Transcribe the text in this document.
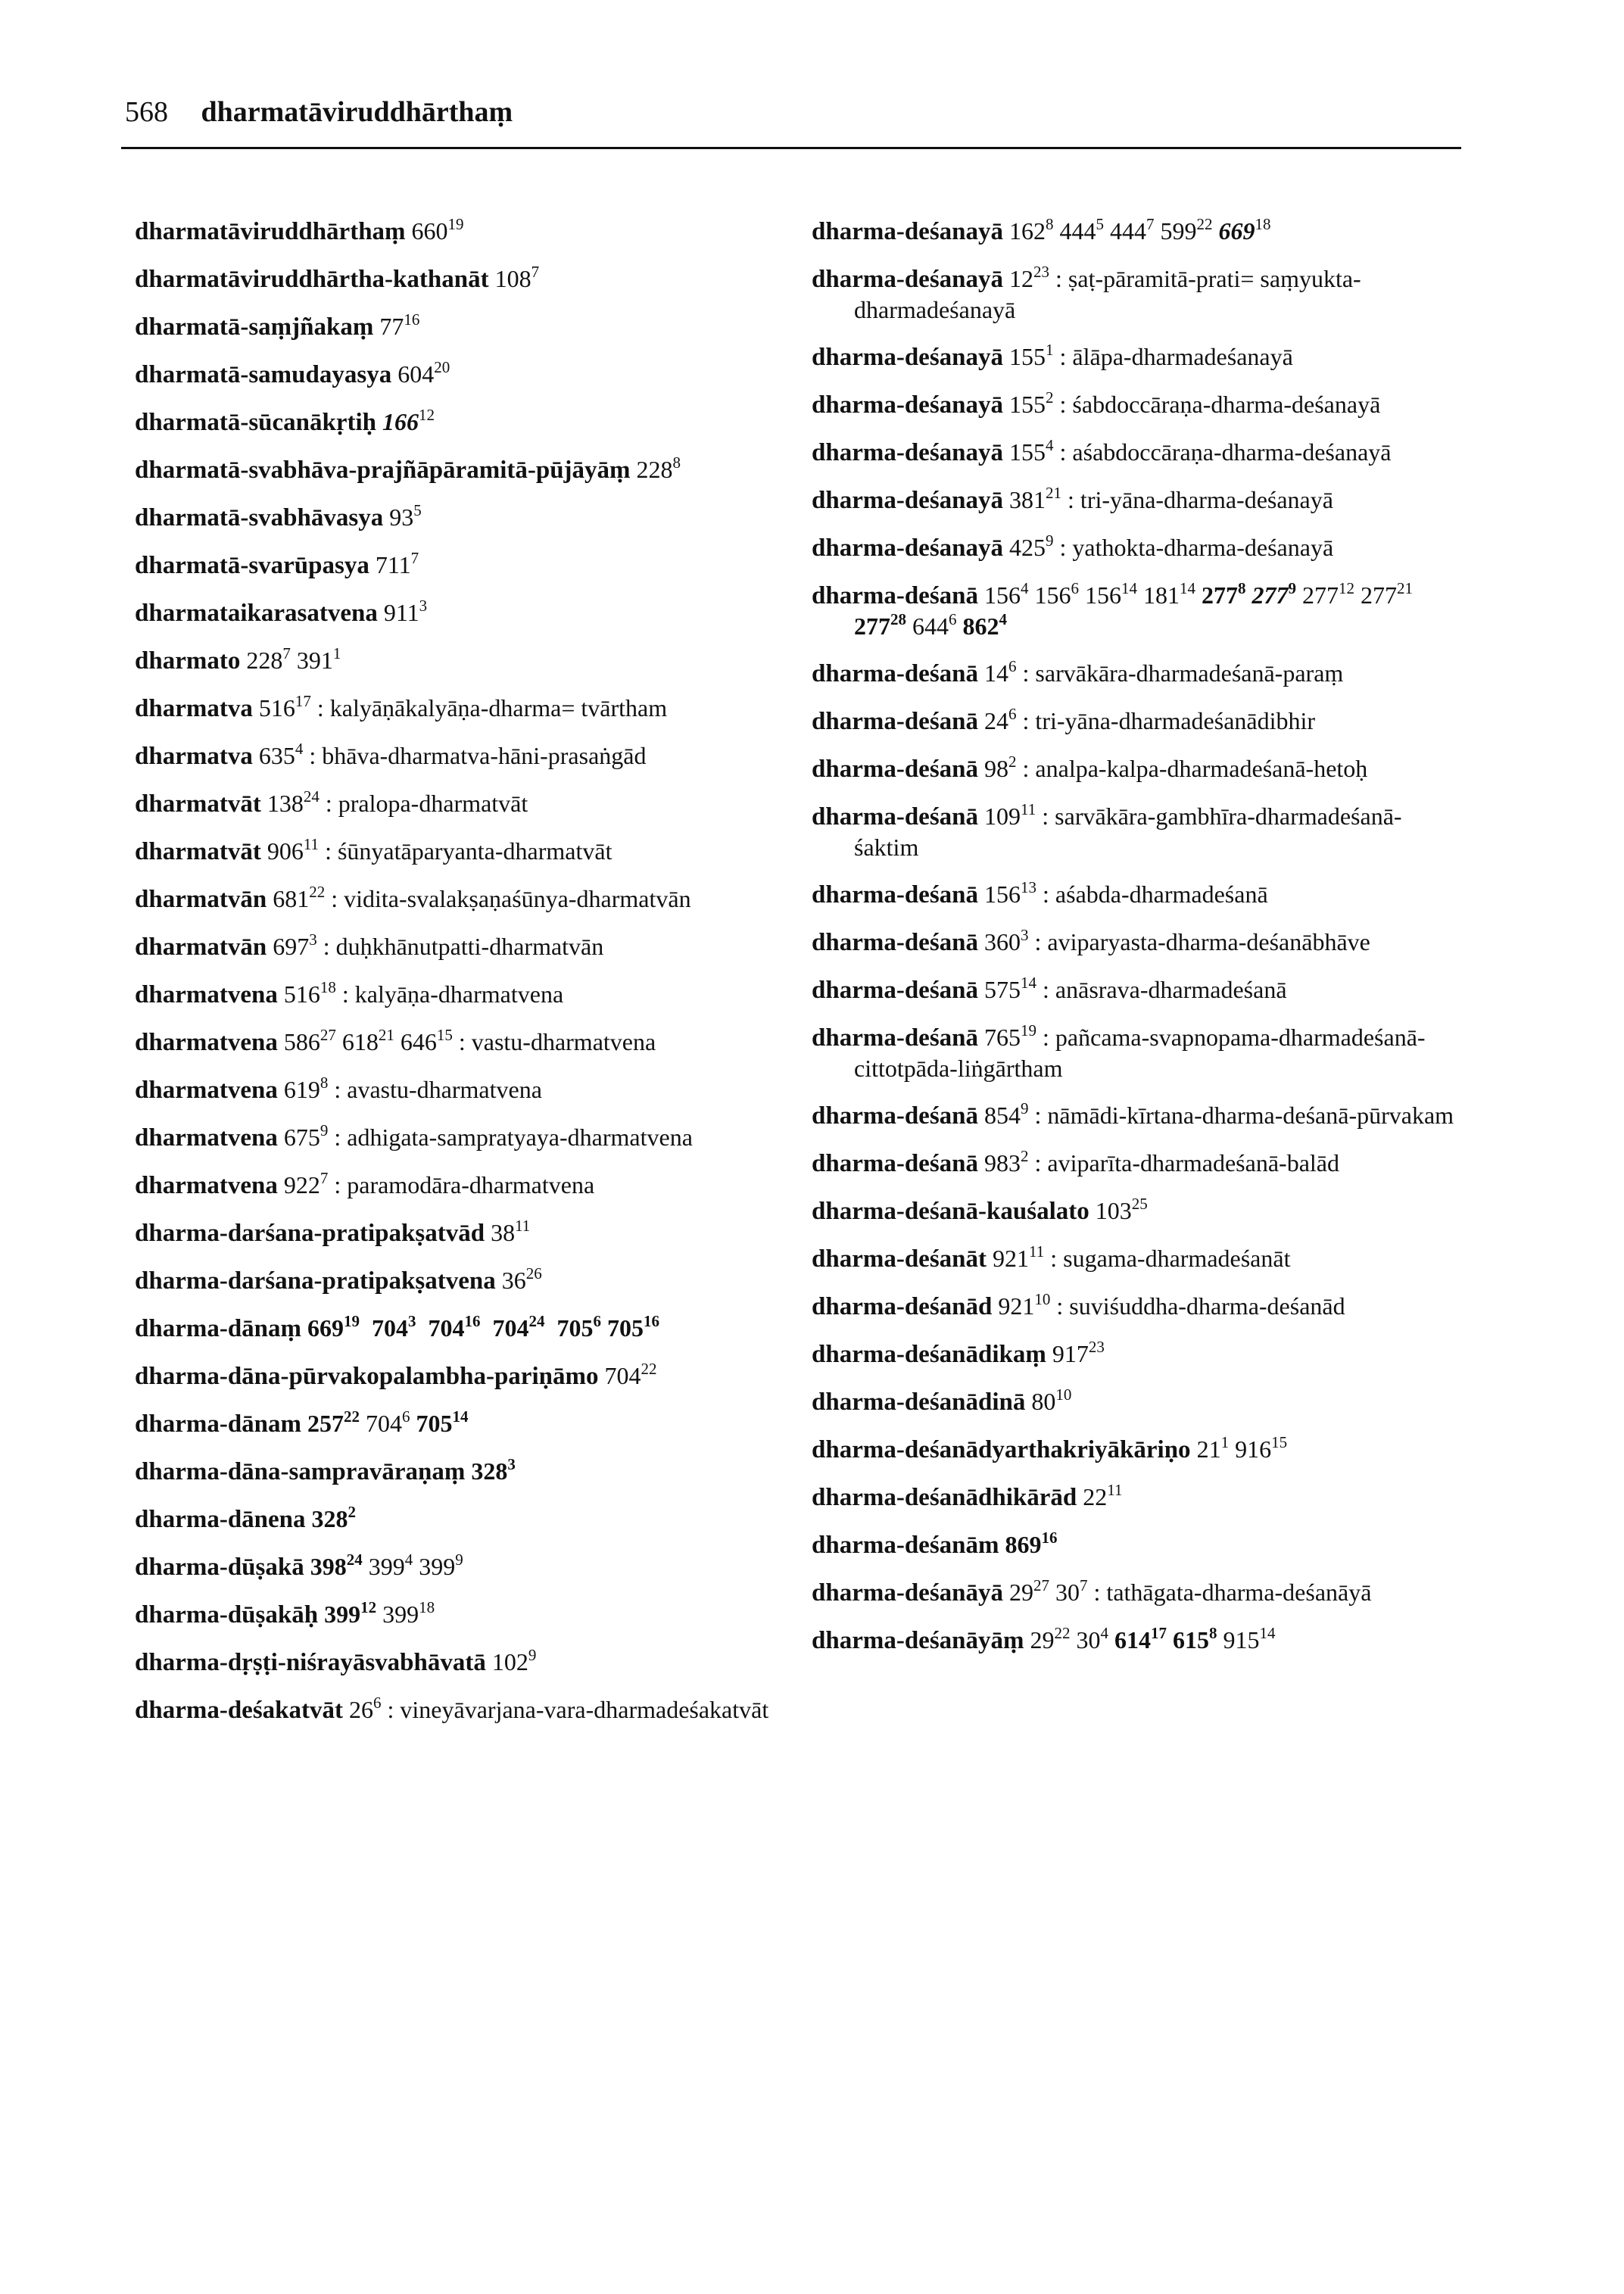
568 dharmatāviruddhārthaṃ
dharmatāviruddhārthaṃ $660^{19}$
dharmatāviruddhārtha-kathanāt $108^7$
dharmatā-saṃjñakaṃ $77^{16}$
dharmatā-samudayasya $604^{20}$
dharmatā-sūcanākṛtiḥ $166^{12}$
dharmatā-svabhāva-prajñāpāramitā-pūjāyāṃ $228^8$
dharmatā-svabhāvasya $93^5$
dharmatā-svarūpasya $711^7$
dharmataikarasatvena $911^3$
dharmato $228^7$ $391^1$
dharmatva $516^{17}$ : kalyāṇākalyāṇa-dharma= tvārtham
dharmatva $635^4$ : bhāva-dharmatva-hāni-prasaṅgād
dharmatvāt $138^{24}$ : pralopa-dharmatvāt
dharmatvāt $906^{11}$ : śūnyatāparyanta-dharmatvāt
dharmatvān $681^{22}$ : vidita-svalakṣaṇaśūnya-dharmatvān
dharmatvān $697^3$ : duḥkhānutpatti-dharmatvān
dharmatvena $516^{18}$ : kalyāṇa-dharmatvena
dharmatvena $586^{27}$ $618^{21}$ $646^{15}$ : vastu-dharmatvena
dharmatvena $619^8$ : avastu-dharmatvena
dharmatvena $675^9$ : adhigata-sampratyaya-dharmatvena
dharmatvena $922^7$ : paramodāra-dharmatvena
dharma-darśana-pratipakṣatvād $38^{11}$
dharma-darśana-pratipakṣatvena $36^{26}$
dharma-dānaṃ $669^{19}$  $704^3$  $704^{16}$  $704^{24}$  $705^6$ $705^{16}$
dharma-dāna-pūrvakopalambha-pariṇāmo $704^{22}$
dharma-dānam $257^{22}$ $704^6$ $705^{14}$
dharma-dāna-sampravāraṇaṃ $328^3$
dharma-dānena $328^2$
dharma-dūṣakā $398^{24}$ $399^4$ $399^9$
dharma-dūṣakāḥ $399^{12}$ $399^{18}$
dharma-dṛṣṭi-niśrayāsvabhāvatā $102^9$
dharma-deśakatvāt $26^6$ : vineyāvarjana-vara-dharmadeśakatvāt
dharma-deśanayā $162^8$ $444^5$ $444^7$ $599^{22}$ $669^{18}$
dharma-deśanayā $12^{23}$ : ṣaṭ-pāramitā-prati= saṃyukta-dharmadeśanayā
dharma-deśanayā $155^1$ : ālāpa-dharmadeśanayā
dharma-deśanayā $155^2$ : śabdoccāraṇa-dharma-deśanayā
dharma-deśanayā $155^4$ : aśabdoccāraṇa-dharma-deśanayā
dharma-deśanayā $381^{21}$ : tri-yāna-dharma-deśanayā
dharma-deśanayā $425^9$ : yathokta-dharma-deśanayā
dharma-deśanā $156^4$ $156^6$ $156^{14}$ $181^{14}$ $277^8$ $277^9$ $277^{12}$ $277^{21}$ $277^{28}$ $644^6$ $862^4$
dharma-deśanā $14^6$ : sarvākāra-dharmadeśanā-paraṃ
dharma-deśanā $24^6$ : tri-yāna-dharmadeśanādibhir
dharma-deśanā $98^2$ : analpa-kalpa-dharmadeśanā-hetoḥ
dharma-deśanā $109^{11}$ : sarvākāra-gambhīra-dharmadeśanā-śaktim
dharma-deśanā $156^{13}$ : aśabda-dharmadeśanā
dharma-deśanā $360^3$ : aviparyasta-dharma-deśanābhāve
dharma-deśanā $575^{14}$ : anāsrava-dharmadeśanā
dharma-deśanā $765^{19}$ : pañcama-svapnopama-dharmadeśanā-cittotpāda-liṅgārtham
dharma-deśanā $854^9$ : nāmādi-kīrtana-dharma-deśanā-pūrvakam
dharma-deśanā $983^2$ : aviparīta-dharmadeśanā-balād
dharma-deśanā-kauśalato $103^{25}$
dharma-deśanāt $921^{11}$ : sugama-dharmadeśanāt
dharma-deśanād $921^{10}$ : suviśuddha-dharma-deśanād
dharma-deśanādikaṃ $917^{23}$
dharma-deśanādinā $80^{10}$
dharma-deśanādyarthakriyākāriṇo $21^1$ $916^{15}$
dharma-deśanādhikārād $22^{11}$
dharma-deśanām $869^{16}$
dharma-deśanāyā $29^{27}$ $30^7$ : tathāgata-dharma-deśanāyā
dharma-deśanāyāṃ $29^{22}$ $30^4$ $614^{17}$ $615^8$ $915^{14}$
